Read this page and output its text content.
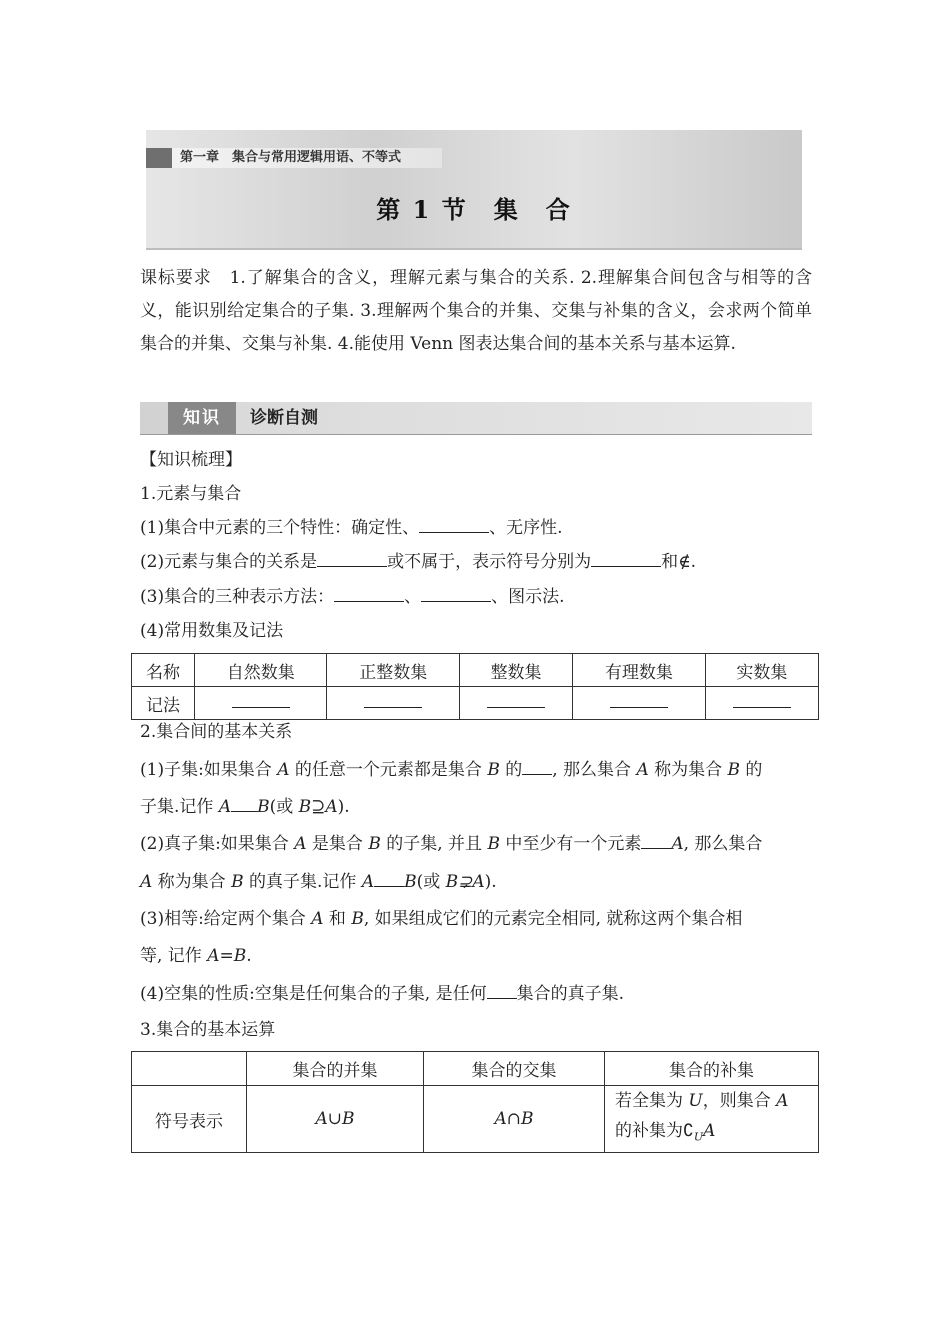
第一章　集合与常用逻辑用语、不等式
第 1 节　集　合
课标要求　 1.了解集合的含义，理解元素与集合的关系. 2.理解集合间包含与相等的含义，能识别给定集合的子集. 3.理解两个集合的并集、交集与补集的含义，会求两个简单集合的并集、交集与补集. 4.能使用 Venn 图表达集合间的基本关系与基本运算.
知识	诊断自测
【知识梳理】
1.元素与集合
(1)集合中元素的三个特性：确定性、	、无序性.
(2)元素与集合的关系是	或不属于，表示符号分别为	和∉.
(3)集合的三种表示方法：	、	、图示法.
(4)常用数集及记法
名称	自然数集	正整数集	整数集	有理数集	实数集
记法					
2.集合间的基本关系
(1)子集:如果集合 A 的任意一个元素都是集合 B 的 , 那么集合 A 称为集合 B 的
子集.记作 A B(或 B⊇A).
(2)真子集:如果集合 A 是集合 B 的子集, 并且 B 中至少有一个元素 A, 那么集合
A 称为集合 B 的真子集.记作 A B(或 B⊋A).
(3)相等:给定两个集合 A 和 B, 如果组成它们的元素完全相同, 就称这两个集合相
等, 记作 A=B.
(4)空集的性质:空集是任何集合的子集, 是任何 集合的真子集.
3.集合的基本运算
	集合的并集	集合的交集	集合的补集
符号表示	A∪B	A∩B	若全集为 U，则集合 A
的补集为$∁_UA$
